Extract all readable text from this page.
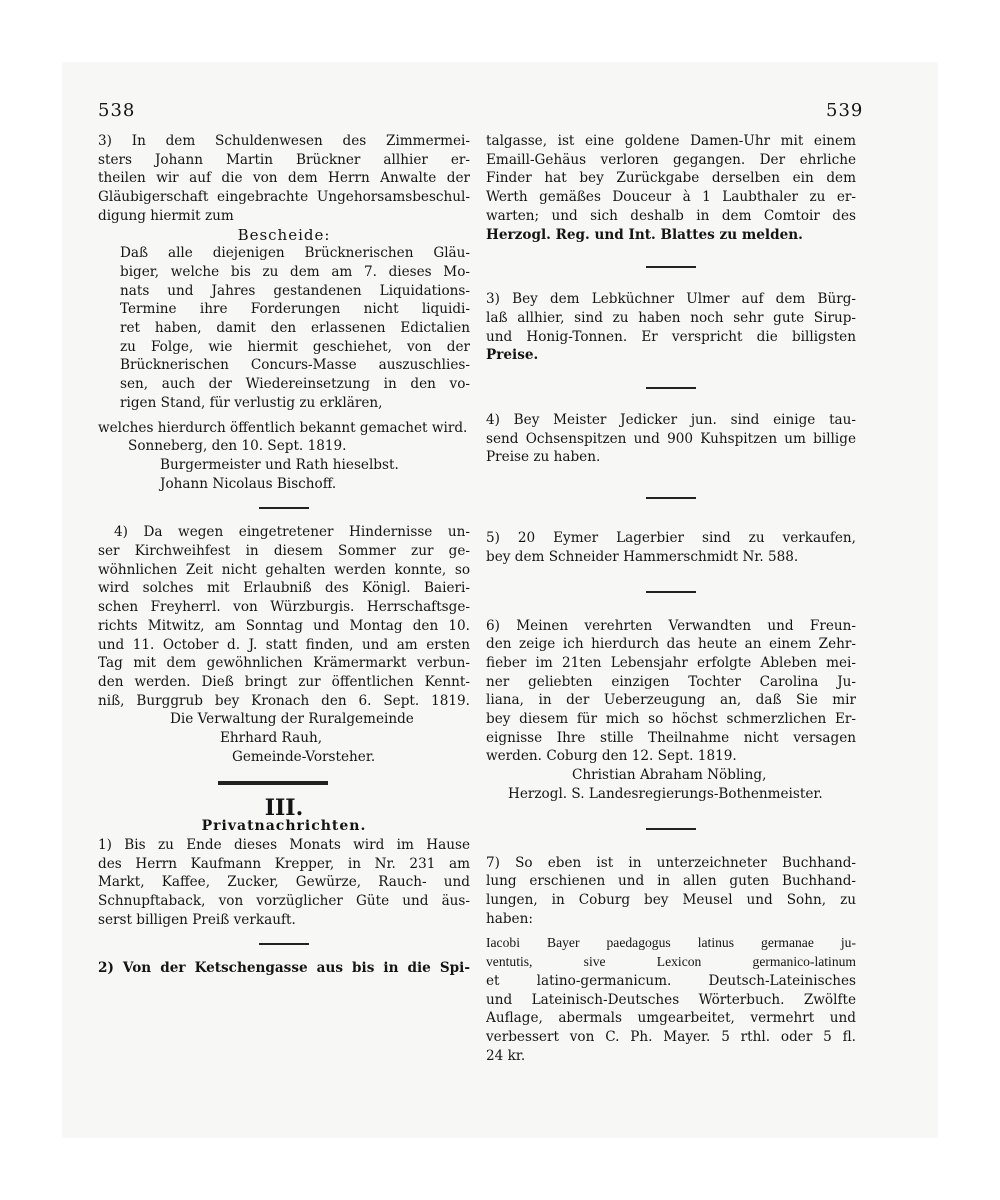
538	539

3) In dem Schuldenwesen des Zimmermei-

sters Johann Martin Brückner allhier er-

theilen wir auf die von dem Herrn Anwalte der

Gläubigerschaft eingebrachte Ungehorsamsbeschul-

digung hiermit zum

Bescheide:

Daß alle diejenigen Brücknerischen Gläu-

biger, welche bis zu dem am 7. dieses Mo-

nats und Jahres gestandenen Liquidations-

Termine ihre Forderungen nicht liquidi-

ret haben, damit den erlassenen Edictalien

zu Folge, wie hiermit geschiehet, von der

Brücknerischen Concurs-Masse auszuschlies-

sen, auch der Wiedereinsetzung in den vo-

rigen Stand, für verlustig zu erklären,

welches hierdurch öffentlich bekannt gemachet wird.

Sonneberg, den 10. Sept. 1819.

Burgermeister und Rath hieselbst.

Johann Nicolaus Bischoff.

4) Da wegen eingetretener Hindernisse un-

ser Kirchweihfest in diesem Sommer zur ge-

wöhnlichen Zeit nicht gehalten werden konnte, so

wird solches mit Erlaubniß des Königl. Baieri-

schen Freyherrl. von Würzburgis. Herrschaftsge-

richts Mitwitz, am Sonntag und Montag den 10.

und 11. October d. J. statt finden, und am ersten

Tag mit dem gewöhnlichen Krämermarkt verbun-

den werden. Dieß bringt zur öffentlichen Kennt-

niß, Burggrub bey Kronach den 6. Sept. 1819.

Die Verwaltung der Ruralgemeinde

Ehrhard Rauh,

Gemeinde-Vorsteher.

III.

Privatnachrichten.

1) Bis zu Ende dieses Monats wird im Hause

des Herrn Kaufmann Krepper, in Nr. 231 am

Markt, Kaffee, Zucker, Gewürze, Rauch- und

Schnupftaback, von vorzüglicher Güte und äus-

serst billigen Preiß verkauft.

2) Von der Ketschengasse aus bis in die Spi-

talgasse, ist eine goldene Damen-Uhr mit einem

Emaill-Gehäus verloren gegangen. Der ehrliche

Finder hat bey Zurückgabe derselben ein dem

Werth gemäßes Douceur à 1 Laubthaler zu er-

warten; und sich deshalb in dem Comtoir des

Herzogl. Reg. und Int. Blattes zu melden.

3) Bey dem Lebküchner Ulmer auf dem Bürg-

laß allhier, sind zu haben noch sehr gute Sirup-

und Honig-Tonnen. Er verspricht die billigsten

Preise.

4) Bey Meister Jedicker jun. sind einige tau-

send Ochsenspitzen und 900 Kuhspitzen um billige

Preise zu haben.

5) 20 Eymer Lagerbier sind zu verkaufen,

bey dem Schneider Hammerschmidt Nr. 588.

6) Meinen verehrten Verwandten und Freun-

den zeige ich hierdurch das heute an einem Zehr-

fieber im 21ten Lebensjahr erfolgte Ableben mei-

ner geliebten einzigen Tochter Carolina Ju-

liana, in der Ueberzeugung an, daß Sie mir

bey diesem für mich so höchst schmerzlichen Er-

eignisse Ihre stille Theilnahme nicht versagen

werden. Coburg den 12. Sept. 1819.

Christian Abraham Nöbling,

Herzogl. S. Landesregierungs-Bothenmeister.

7) So eben ist in unterzeichneter Buchhand-

lung erschienen und in allen guten Buchhand-

lungen, in Coburg bey Meusel und Sohn, zu

haben:

Iacobi Bayer paedagogus latinus germanae ju-

ventutis, sive Lexicon germanico-latinum

et latino-germanicum. Deutsch-Lateinisches

und Lateinisch-Deutsches Wörterbuch. Zwölfte

Auflage, abermals umgearbeitet, vermehrt und

verbessert von C. Ph. Mayer. 5 rthl. oder 5 fl.

24 kr.
